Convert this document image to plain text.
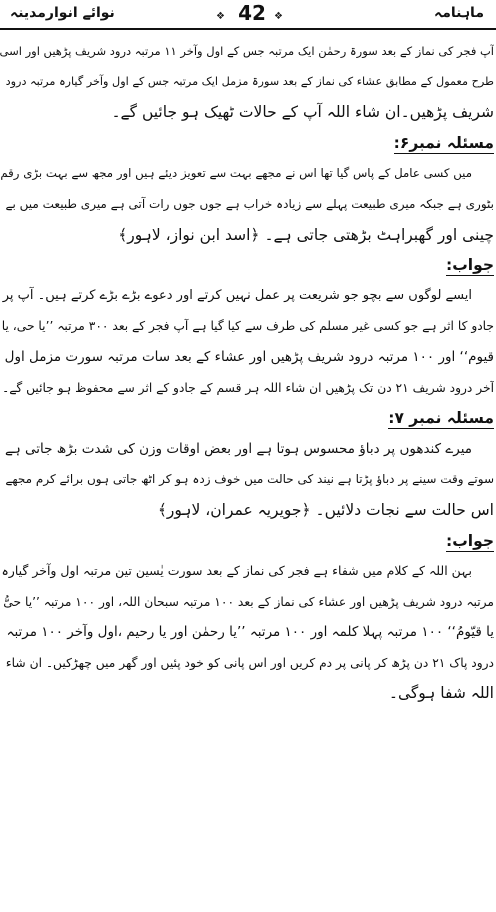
نوائے انوارمدینہ	❖ 42 ❖	ماہنامہ
آپ فجر کی نماز کے بعد سورۃ رحمٰن ایک مرتبہ جس کے اول وآخر ۱۱ مرتبہ درود شریف پڑھیں اور اسی
طرح معمول کے مطابق عشاء کی نماز کے بعد سورۃ مزمل ایک مرتبہ جس کے اول وآخر گیارہ مرتبہ درود
شریف پڑھیں۔ان شاء اللہ آپ کے حالات ٹھیک ہو جائیں گے۔
مسئلہ نمبر۶:
میں کسی عامل کے پاس گیا تھا اس نے مجھے بہت سے تعویز دیئے ہیں اور مجھ سے بہت بڑی رقم
بٹوری ہے جبکہ میری طبیعت پہلے سے زیادہ خراب ہے جوں جوں رات آتی ہے میری طبیعت میں بے
چینی اور گھبراہٹ بڑھتی جاتی ہے۔ ﴿اسد ابن نواز، لاہور﴾
جواب:
ایسے لوگوں سے بچو جو شریعت پر عمل نہیں کرتے اور دعوے بڑے بڑے کرتے ہیں۔ آپ پر
جادو کا اثر ہے جو کسی غیر مسلم کی طرف سے کیا گیا ہے آپ فجر کے بعد ۳۰۰ مرتبہ ’’یا حی، یا
قیوم‘‘ اور ۱۰۰ مرتبہ درود شریف پڑھیں اور عشاء کے بعد سات مرتبہ سورت مزمل اول
آخر درود شریف ۲۱ دن تک پڑھیں ان شاء اللہ ہر قسم کے جادو کے اثر سے محفوظ ہو جائیں گے۔
مسئلہ نمبر ۷:
میرے کندھوں پر دباؤ محسوس ہوتا ہے اور بعض اوقات وزن کی شدت بڑھ جاتی ہے
سوتے وقت سینے پر دباؤ پڑتا ہے نیند کی حالت میں خوف زدہ ہو کر اٹھ جاتی ہوں برائے کرم مجھے
اس حالت سے نجات دلائیں۔ ﴿جویریہ عمران، لاہور﴾
جواب:
بہن اللہ کے کلام میں شفاء ہے فجر کی نماز کے بعد سورت یٰسین تین مرتبہ اول وآخر گیارہ
مرتبہ درود شریف پڑھیں اور عشاء کی نماز کے بعد ۱۰۰ مرتبہ سبحان اللہ، اور ۱۰۰ مرتبہ ’’یا حیُّ
یا قیّومُ‘‘ ۱۰۰ مرتبہ پہلا کلمہ اور ۱۰۰ مرتبہ ’’یا رحمٰن اور یا رحیم ،اول وآخر ۱۰۰ مرتبہ
درود پاک ۲۱ دن پڑھ کر پانی پر دم کریں اور اس پانی کو خود پئیں اور گھر میں چھڑکیں۔ ان شاء
اللہ شفا ہوگی۔
